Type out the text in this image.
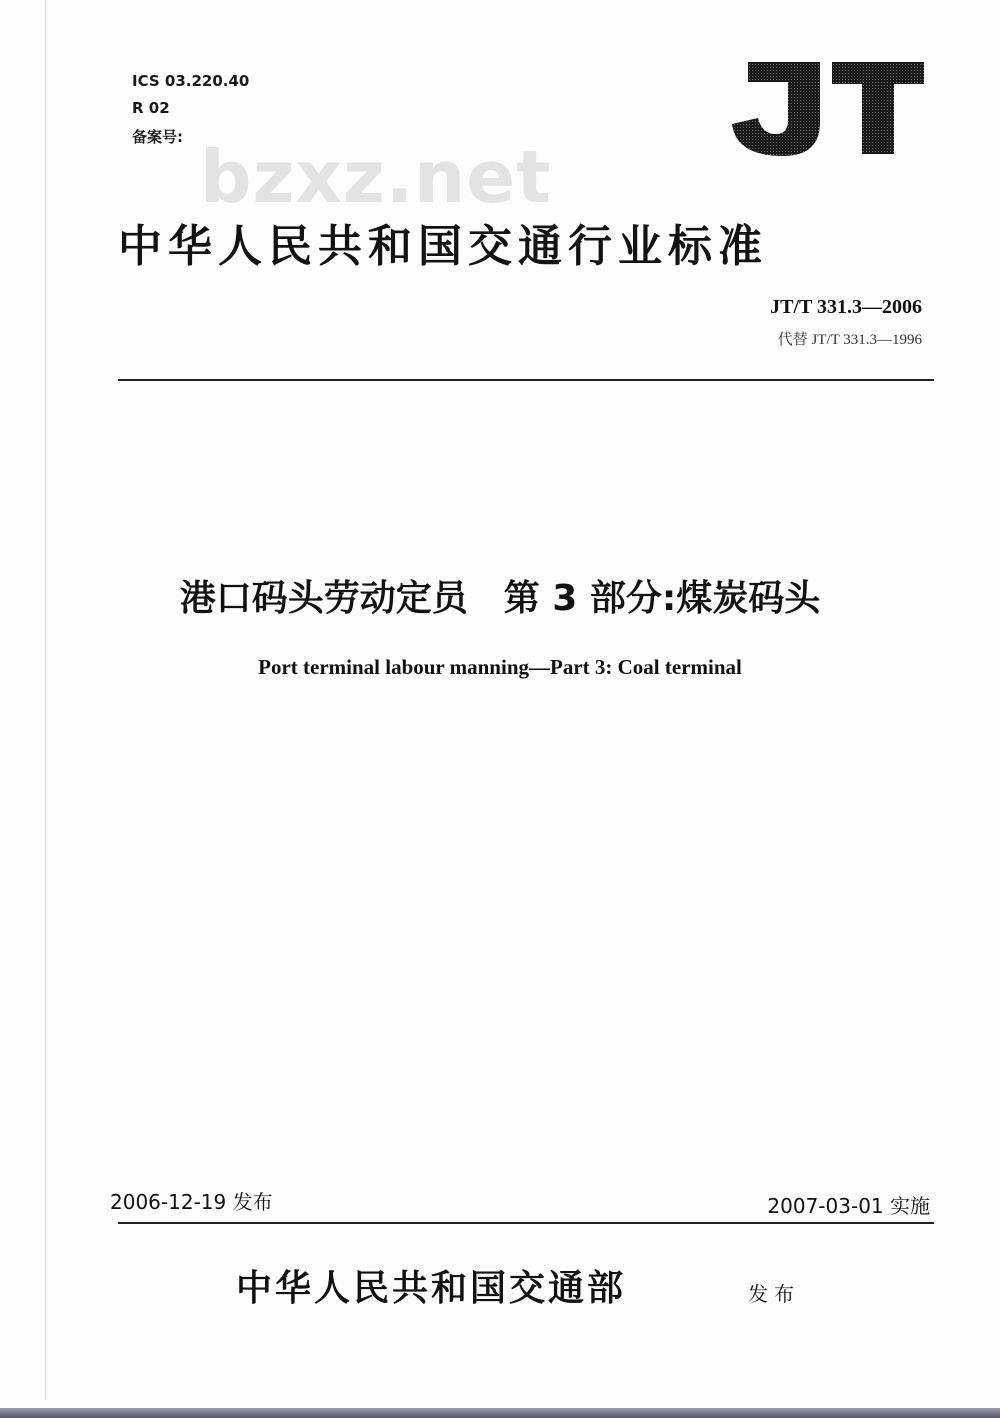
ICS 03.220.40
R 02
备案号: bzxz.net
中华人民共和国交通行业标准
JT/T 331.3—2006
代替 JT/T 331.3—1996
港口码头劳动定员　第 3 部分:煤炭码头
Port terminal labour manning—Part 3: Coal terminal
2006-12-19 发布	2007-03-01 实施
中华人民共和国交通部	发布
